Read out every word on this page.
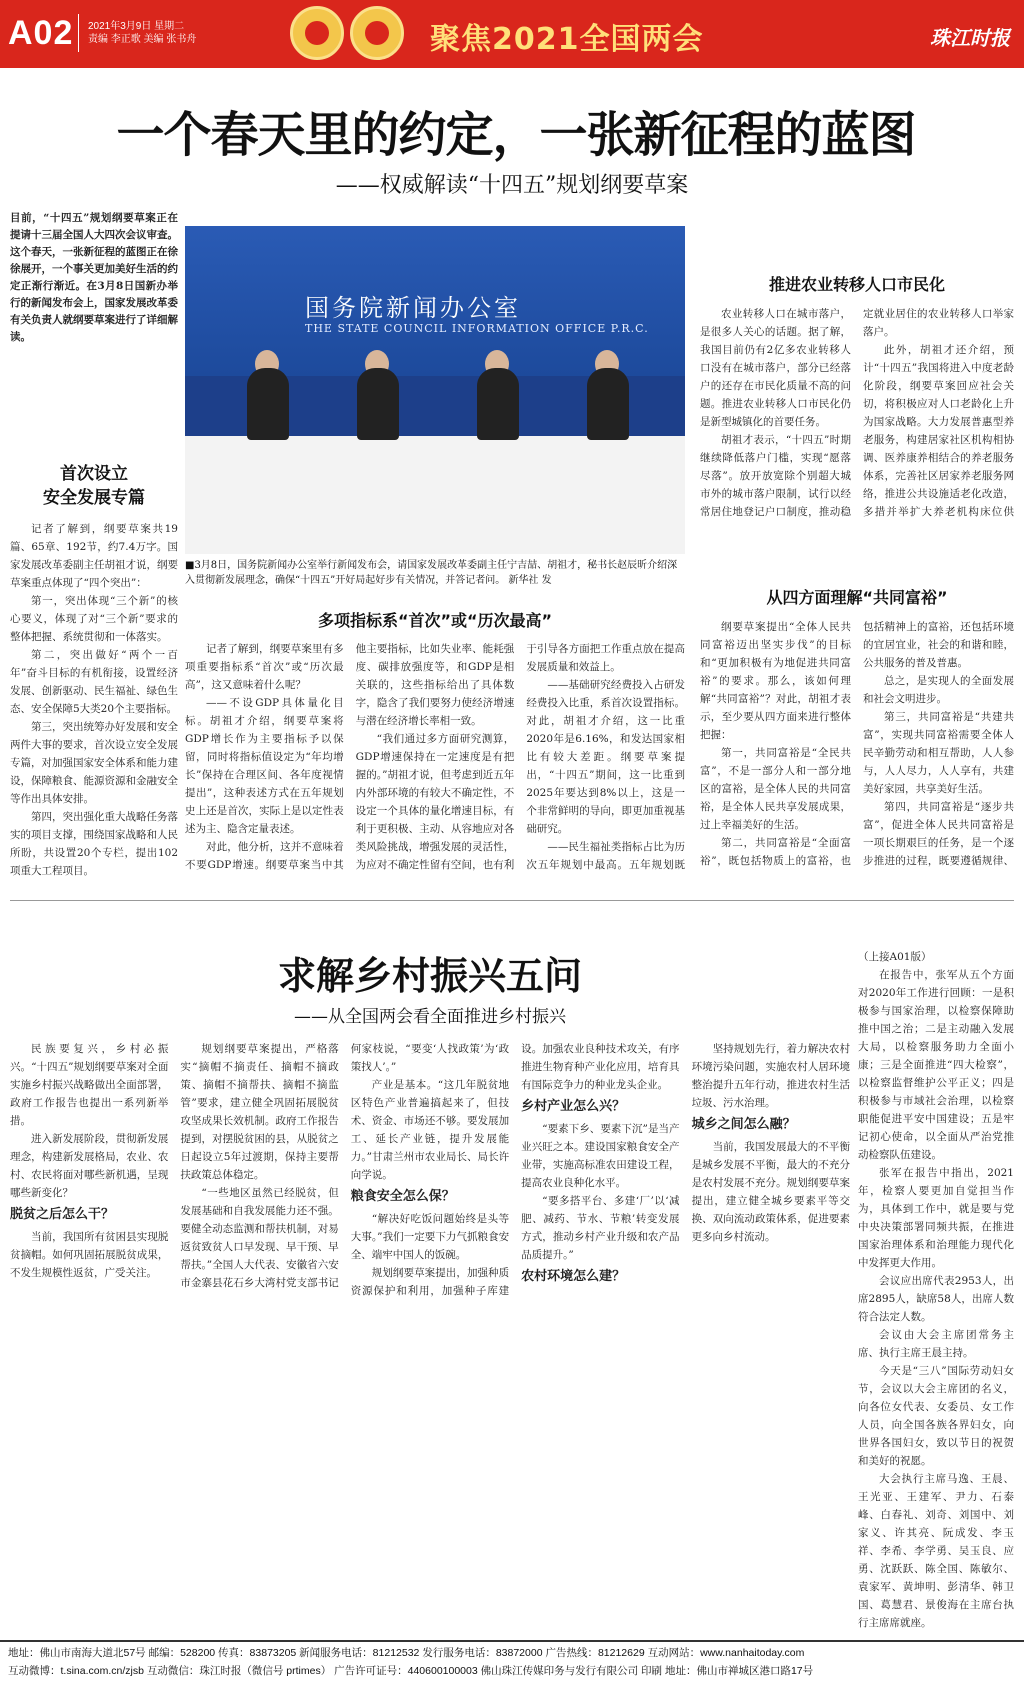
A02 2021年3月9日 星期二
责编 李正歌 美编 张书舟	聚焦2021全国两会	珠江时报
一个春天里的约定，一张新征程的蓝图
——权威解读“十四五”规划纲要草案
目前，“十四五”规划纲要草案正在提请十三届全国人大四次会议审查。这个春天，一张新征程的蓝图正在徐徐展开，一个事关更加美好生活的约定正渐行渐近。在3月8日国新办举行的新闻发布会上，国家发展改革委有关负责人就纲要草案进行了详细解读。
国务院新闻办公室
THE STATE COUNCIL INFORMATION OFFICE P.R.C.
■3月8日，国务院新闻办公室举行新闻发布会，请国家发展改革委副主任宁吉喆、胡祖才，秘书长赵辰昕介绍深入贯彻新发展理念，确保“十四五”开好局起好步有关情况，并答记者问。 新华社 发
首次设立
安全发展专篇

记者了解到，纲要草案共19篇、65章、192节，约7.4万字。国家发展改革委副主任胡祖才说，纲要草案重点体现了“四个突出”：

第一，突出体现“三个新”的核心要义，体现了对“三个新”要求的整体把握、系统贯彻和一体落实。

第二，突出做好“两个一百年”奋斗目标的有机衔接，设置经济发展、创新驱动、民生福祉、绿色生态、安全保障5大类20个主要指标。

第三，突出统筹办好发展和安全两件大事的要求，首次设立安全发展专篇，对加强国家安全体系和能力建设，保障粮食、能源资源和金融安全等作出具体安排。

第四，突出强化重大战略任务落实的项目支撑，围绕国家战略和人民所盼，共设置20个专栏，提出102项重大工程项目。

多项指标系“首次”或“历次最高”

记者了解到，纲要草案里有多项重要指标系“首次”或“历次最高”，这又意味着什么呢？

——不设GDP具体量化目标。胡祖才介绍，纲要草案将GDP增长作为主要指标予以保留，同时将指标值设定为“年均增长”保持在合理区间、各年度视情提出”，这种表述方式在五年规划史上还是首次，实际上是以定性表述为主、隐含定量表述。

对此，他分析，这并不意味着不要GDP增速。纲要草案当中其他主要指标，比如失业率、能耗强度、碳排放强度等，和GDP是相关联的，这些指标给出了具体数字，隐含了我们要努力使经济增速与潜在经济增长率相一致。

“我们通过多方面研究测算，GDP增速保持在一定速度是有把握的。”胡祖才说，但考虑到近五年内外部环境的有较大不确定性，不设定一个具体的量化增速目标，有利于更积极、主动、从容地应对各类风险挑战，增强发展的灵活性，为应对不确定性留有空间，也有利于引导各方面把工作重点放在提高发展质量和效益上。

——基础研究经费投入占研发经费投入比重，系首次设置指标。对此，胡祖才介绍，这一比重2020年是6.16%，和发达国家相比有较大差距。纲要草案提出，“十四五”期间，这一比重到2025年要达到8%以上，这是一个非常鲜明的导向，即更加重视基础研究。

——民生福祉类指标占比为历次五年规划中最高。五年规划既

推进农业转移人口市民化

农业转移人口在城市落户，是很多人关心的话题。据了解，我国目前仍有2亿多农业转移人口没有在城市落户，部分已经落户的还存在市民化质量不高的问题。推进农业转移人口市民化仍是新型城镇化的首要任务。

胡祖才表示，“十四五”时期继续降低落户门槛，实现“愿落尽落”。放开放宽除个别超大城市外的城市落户限制，试行以经常居住地登记户口制度，推动稳定就业居住的农业转移人口举家落户。

此外，胡祖才还介绍，预计“十四五”我国将进入中度老龄化阶段，纲要草案回应社会关切，将积极应对人口老龄化上升为国家战略。大力发展普惠型养老服务，构建居家社区机构相协调、医养康养相结合的养老服务体系，完善社区居家养老服务网络，推进公共设施适老化改造，多措并举扩大养老机构床位供

从四方面理解“共同富裕”

纲要草案提出“全体人民共同富裕迈出坚实步伐”的目标和“更加积极有为地促进共同富裕”的要求。那么，该如何理解“共同富裕”？对此，胡祖才表示，至少要从四方面来进行整体把握：

第一，共同富裕是“全民共富”，不是一部分人和一部分地区的富裕，是全体人民的共同富裕，是全体人民共享发展成果，过上幸福美好的生活。

第二，共同富裕是“全面富裕”，既包括物质上的富裕，也包括精神上的富裕，还包括环境的宜居宜业，社会的和谐和睦，公共服务的普及普惠。

总之，是实现人的全面发展和社会文明进步。

第三，共同富裕是“共建共富”，实现共同富裕需要全体人民辛勤劳动和相互帮助，人人参与，人人尽力，人人享有，共建美好家园，共享美好生活。

第四，共同富裕是“逐步共富”，促进全体人民共同富裕是一项长期艰巨的任务，是一个逐步推进的过程，既要遵循规律、

求解乡村振兴五问
——从全国两会看全面推进乡村振兴

民族要复兴，乡村必振兴。“十四五”规划纲要草案对全面实施乡村振兴战略做出全面部署，政府工作报告也提出一系列新举措。

进入新发展阶段，贯彻新发展理念，构建新发展格局，农业、农村、农民将面对哪些新机遇，呈现哪些新变化？

脱贫之后怎么干？

当前，我国所有贫困县实现脱贫摘帽。如何巩固拓展脱贫成果，不发生规模性返贫，广受关注。

规划纲要草案提出，严格落实“摘帽不摘责任、摘帽不摘政策、摘帽不摘帮扶、摘帽不摘监管”要求，建立健全巩固拓展脱贫攻坚成果长效机制。政府工作报告提到，对摆脱贫困的县，从脱贫之日起设立5年过渡期，保持主要帮扶政策总体稳定。

“一些地区虽然已经脱贫，但发展基础和自我发展能力还不强。要健全动态监测和帮扶机制，对易返贫致贫人口早发现、早干预、早帮扶。”全国人大代表、安徽省六安市金寨县花石乡大湾村党支部书记何家枝说，“要变‘人找政策’为‘政策找人’。”

产业是基本。“这几年脱贫地区特色产业普遍搞起来了，但技术、资金、市场还不够。要发展加工、延长产业链，提升发展能力。”甘肃兰州市农业局长、局长许向学说。

粮食安全怎么保？

“解决好吃饭问题始终是头等大事。”我们一定要下力气抓粮食安全、端牢中国人的饭碗。

规划纲要草案提出，加强种质资源保护和利用，加强种子库建设。加强农业良种技术攻关，有序推进生物育种产业化应用，培育具有国际竞争力的种业龙头企业。

乡村产业怎么兴？

“要素下乡、要素下沉”是当产业兴旺之本。建设国家粮食安全产业带，实施高标准农田建设工程，提高农业良种化水平。

“要多搭平台、多建‘厂’以‘减肥、减药、节水、节粮’转变发展方式，推动乡村产业升级和农产品品质提升。”

农村环境怎么建？

坚持规划先行，着力解决农村环境污染问题，实施农村人居环境整治提升五年行动，推进农村生活垃圾、污水治理。

城乡之间怎么融？

当前，我国发展最大的不平衡是城乡发展不平衡，最大的不充分是农村发展不充分。规划纲要草案提出，建立健全城乡要素平等交换、双向流动政策体系，促进要素更多向乡村流动。

（上接A01版）

在报告中，张军从五个方面对2020年工作进行回顾：一是积极参与国家治理，以检察保障助推中国之治；二是主动融入发展大局，以检察服务助力全面小康；三是全面推进“四大检察”，以检察监督维护公平正义；四是积极参与市域社会治理，以检察职能促进平安中国建设；五是牢记初心使命，以全面从严治党推动检察队伍建设。

张军在报告中指出，2021年，检察人要更加自觉担当作为，具体到工作中，就是要与党中央决策部署同频共振，在推进国家治理体系和治理能力现代化中发挥更大作用。

会议应出席代表2953人，出席2895人，缺席58人，出席人数符合法定人数。

会议由大会主席团常务主席、执行主席王晨主持。

今天是“三八”国际劳动妇女节，会议以大会主席团的名义，向各位女代表、女委员、女工作人员，向全国各族各界妇女，向世界各国妇女，致以节日的祝贺和美好的祝愿。

大会执行主席马逸、王晨、王光亚、王建军、尹力、石泰峰、白春礼、刘奇、刘国中、刘家义、许其亮、阮成发、李玉祥、李希、李学勇、吴玉良、应勇、沈跃跃、陈全国、陈敏尔、袁家军、黄坤明、彭清华、韩卫国、葛慧君、景俊海在主席台执行主席席就座。

地址：佛山市南海大道北57号 邮编：528200 传真：83873205 新闻服务电话：81212532 发行服务电话：83872000 广告热线：81212629 互动网站：www.nanhaitoday.com
互动微博：t.sina.com.cn/zjsb 互动微信：珠江时报（微信号 prtimes） 广告许可证号：440600100003 佛山珠江传媒印务与发行有限公司 印刷 地址：佛山市禅城区港口路17号
